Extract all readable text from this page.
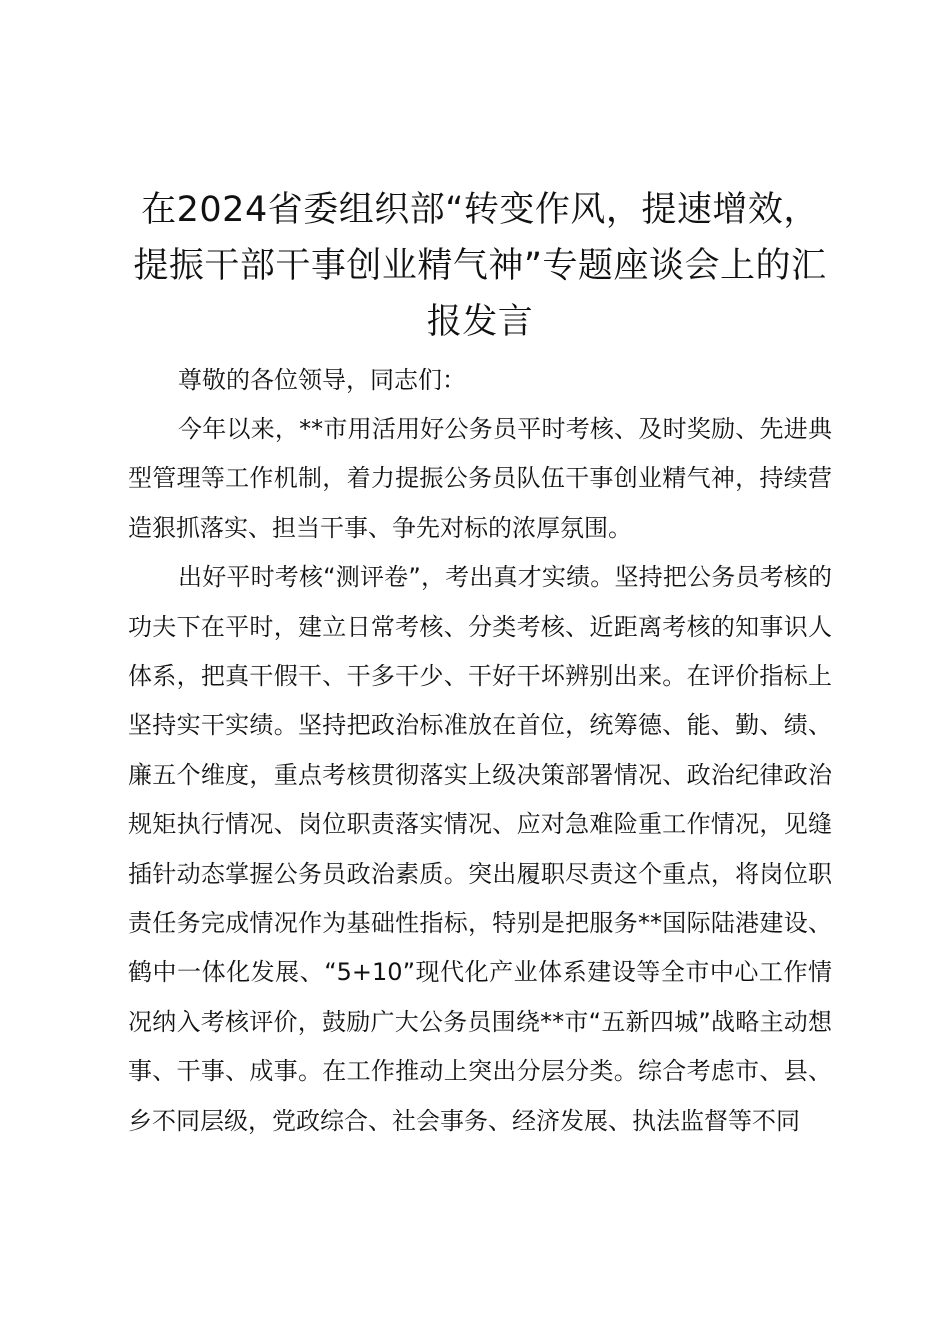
在2024省委组织部“转变作风，提速增效，提振干部干事创业精气神”专题座谈会上的汇报发言

尊敬的各位领导，同志们：

今年以来，**市用活用好公务员平时考核、及时奖励、先进典型管理等工作机制，着力提振公务员队伍干事创业精气神，持续营造狠抓落实、担当干事、争先对标的浓厚氛围。

出好平时考核“测评卷”，考出真才实绩。坚持把公务员考核的功夫下在平时，建立日常考核、分类考核、近距离考核的知事识人体系，把真干假干、干多干少、干好干坏辨别出来。在评价指标上坚持实干实绩。坚持把政治标准放在首位，统筹德、能、勤、绩、廉五个维度，重点考核贯彻落实上级决策部署情况、政治纪律政治规矩执行情况、岗位职责落实情况、应对急难险重工作情况，见缝插针动态掌握公务员政治素质。突出履职尽责这个重点，将岗位职责任务完成情况作为基础性指标，特别是把服务**国际陆港建设、鹤中一体化发展、“5+10”现代化产业体系建设等全市中心工作情况纳入考核评价，鼓励广大公务员围绕**市“五新四城”战略主动想事、干事、成事。在工作推动上突出分层分类。综合考虑市、县、乡不同层级，党政综合、社会事务、经济发展、执法监督等不同
